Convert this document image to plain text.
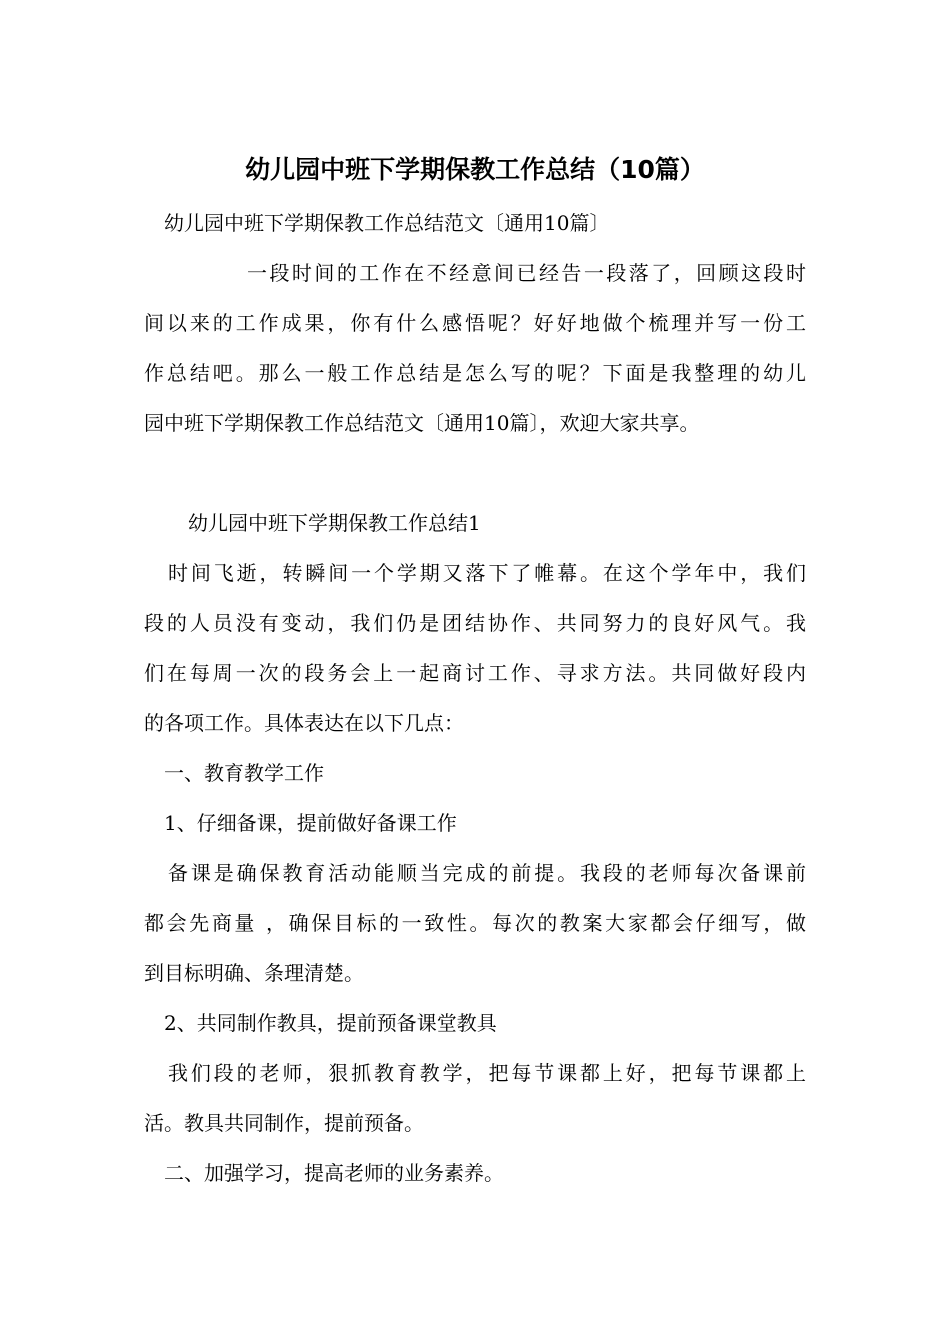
幼儿园中班下学期保教工作总结（10篇）

幼儿园中班下学期保教工作总结范文〔通用10篇〕

一段时间的工作在不经意间已经告一段落了，回顾这段时

间以来的工作成果，你有什么感悟呢？好好地做个梳理并写一份工

作总结吧。那么一般工作总结是怎么写的呢？下面是我整理的幼儿

园中班下学期保教工作总结范文〔通用10篇〕，欢迎大家共享。

幼儿园中班下学期保教工作总结1

时间飞逝，转瞬间一个学期又落下了帷幕。在这个学年中，我们

段的人员没有变动，我们仍是团结协作、共同努力的良好风气。我

们在每周一次的段务会上一起商讨工作、寻求方法。共同做好段内

的各项工作。具体表达在以下几点：

一、教育教学工作

1、仔细备课，提前做好备课工作

备课是确保教育活动能顺当完成的前提。我段的老师每次备课前

都会先商量 ，确保目标的一致性。每次的教案大家都会仔细写，做

到目标明确、条理清楚。

2、共同制作教具，提前预备课堂教具

我们段的老师，狠抓教育教学，把每节课都上好，把每节课都上

活。教具共同制作，提前预备。

二、加强学习，提高老师的业务素养。
